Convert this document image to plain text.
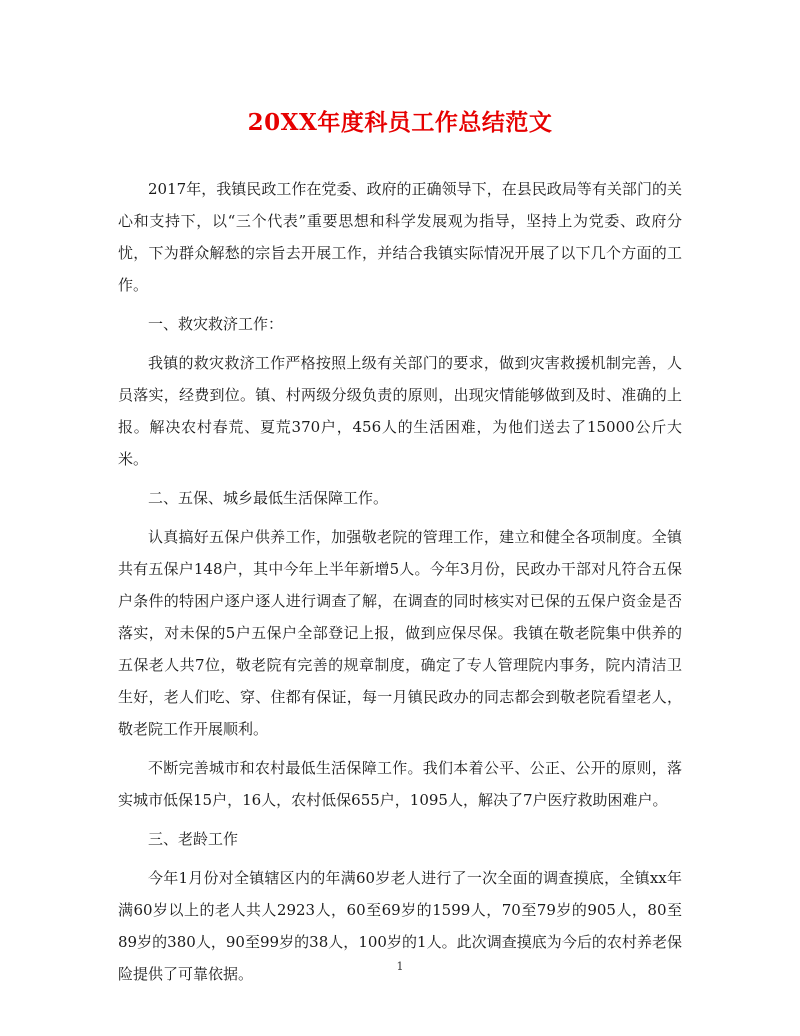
20XX年度科员工作总结范文

2017年，我镇民政工作在党委、政府的正确领导下，在县民政局等有关部门的关心和支持下，以“三个代表”重要思想和科学发展观为指导，坚持上为党委、政府分忧，下为群众解愁的宗旨去开展工作，并结合我镇实际情况开展了以下几个方面的工作。

一、救灾救济工作：

我镇的救灾救济工作严格按照上级有关部门的要求，做到灾害救援机制完善，人员落实，经费到位。镇、村两级分级负责的原则，出现灾情能够做到及时、准确的上报。解决农村春荒、夏荒370户，456人的生活困难，为他们送去了15000公斤大米。

二、五保、城乡最低生活保障工作。

认真搞好五保户供养工作，加强敬老院的管理工作，建立和健全各项制度。全镇共有五保户148户，其中今年上半年新增5人。今年3月份，民政办干部对凡符合五保户条件的特困户逐户逐人进行调查了解，在调查的同时核实对已保的五保户资金是否落实，对未保的5户五保户全部登记上报，做到应保尽保。我镇在敬老院集中供养的五保老人共7位，敬老院有完善的规章制度，确定了专人管理院内事务，院内清洁卫生好，老人们吃、穿、住都有保证，每一月镇民政办的同志都会到敬老院看望老人，敬老院工作开展顺利。

不断完善城市和农村最低生活保障工作。我们本着公平、公正、公开的原则，落实城市低保15户，16人，农村低保655户，1095人，解决了7户医疗救助困难户。

三、老龄工作

今年1月份对全镇辖区内的年满60岁老人进行了一次全面的调查摸底，全镇xx年满60岁以上的老人共人2923人，60至69岁的1599人，70至79岁的905人，80至89岁的380人，90至99岁的38人，100岁的1人。此次调查摸底为今后的农村养老保险提供了可靠依据。	1
